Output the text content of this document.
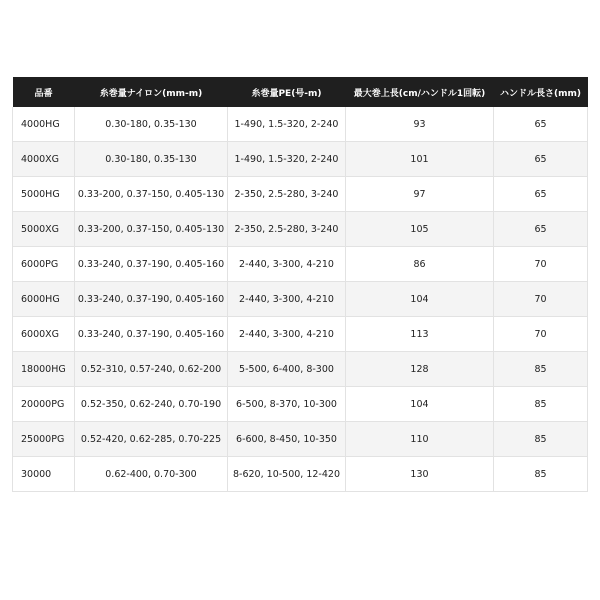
品番	糸巻量ナイロン(mm-m)	糸巻量PE(号-m)	最大巻上長(cm/ハンドル1回転)	ハンドル長さ(mm)
4000HG	0.30-180, 0.35-130	1-490, 1.5-320, 2-240	93	65
4000XG	0.30-180, 0.35-130	1-490, 1.5-320, 2-240	101	65
5000HG	0.33-200, 0.37-150, 0.405-130	2-350, 2.5-280, 3-240	97	65
5000XG	0.33-200, 0.37-150, 0.405-130	2-350, 2.5-280, 3-240	105	65
6000PG	0.33-240, 0.37-190, 0.405-160	2-440, 3-300, 4-210	86	70
6000HG	0.33-240, 0.37-190, 0.405-160	2-440, 3-300, 4-210	104	70
6000XG	0.33-240, 0.37-190, 0.405-160	2-440, 3-300, 4-210	113	70
18000HG	0.52-310, 0.57-240, 0.62-200	5-500, 6-400, 8-300	128	85
20000PG	0.52-350, 0.62-240, 0.70-190	6-500, 8-370, 10-300	104	85
25000PG	0.52-420, 0.62-285, 0.70-225	6-600, 8-450, 10-350	110	85
30000	0.62-400, 0.70-300	8-620, 10-500, 12-420	130	85
